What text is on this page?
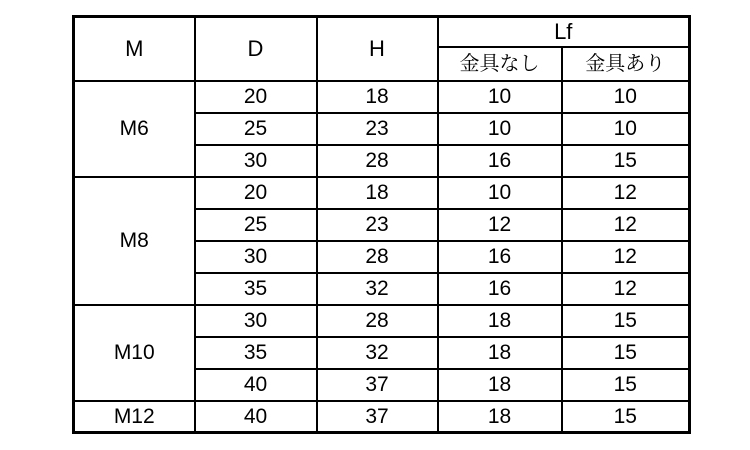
M	D	H	Lf	
			金具なし	金具あり
M6	20	18	10	10
	25	23	10	10
	30	28	16	15
M8	20	18	10	12
	25	23	12	12
	30	28	16	12
	35	32	16	12
M10	30	28	18	15
	35	32	18	15
	40	37	18	15
M12	40	37	18	15
